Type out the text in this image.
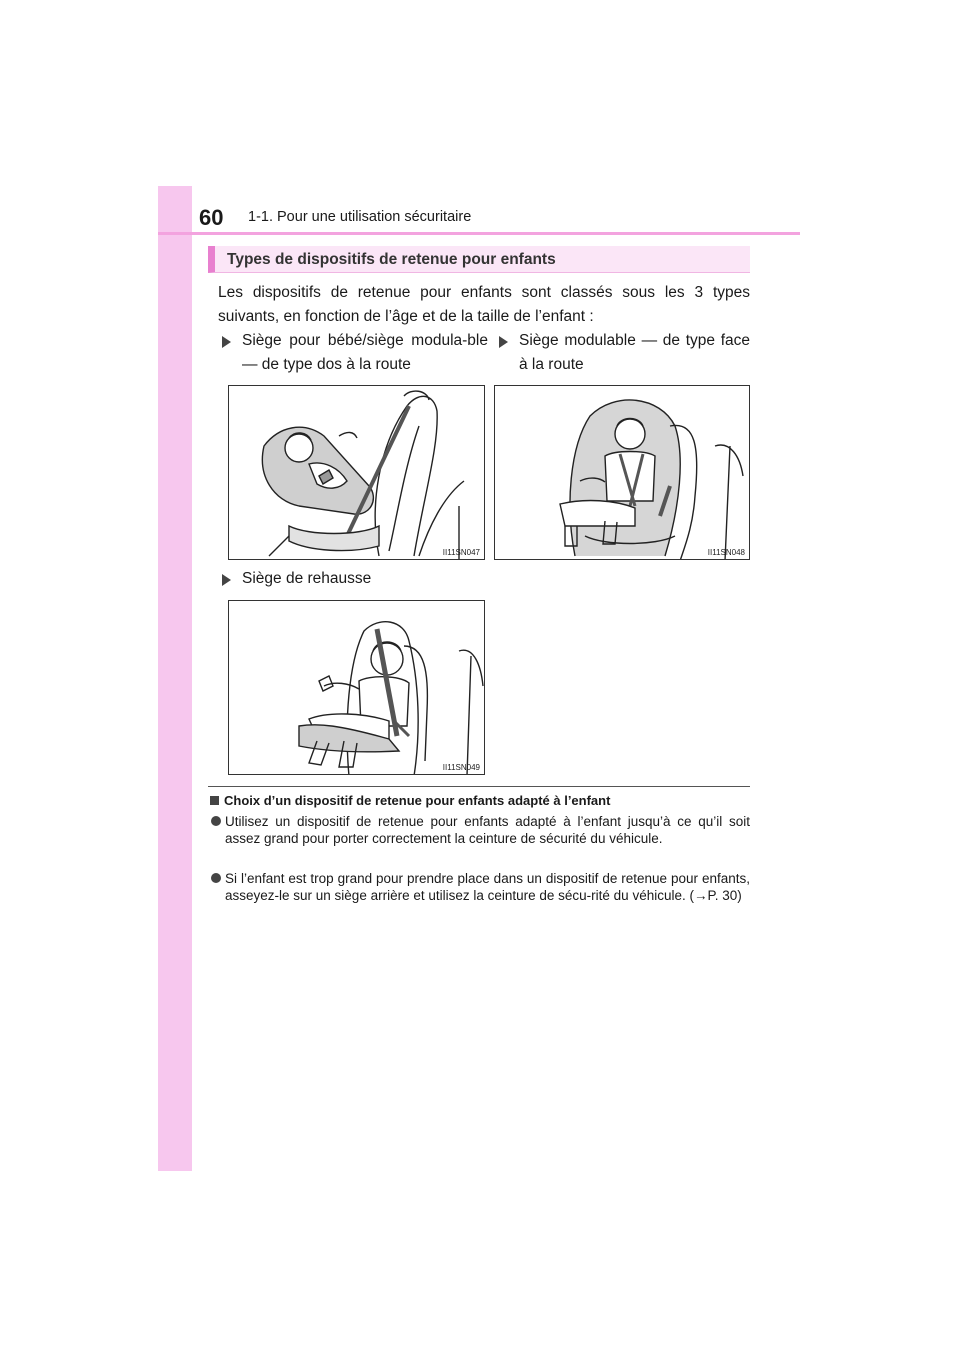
60 1-1. Pour une utilisation sécuritaire
Types de dispositifs de retenue pour enfants
Les dispositifs de retenue pour enfants sont classés sous les 3 types suivants, en fonction de l’âge et de la taille de l’enfant :
Siège pour bébé/siège modula-ble — de type dos à la route
Siège modulable — de type face à la route
II11SN047	II11SN048
Siège de rehausse
II11SN049
Choix d’un dispositif de retenue pour enfants adapté à l’enfant
Utilisez un dispositif de retenue pour enfants adapté à l’enfant jusqu’à ce qu’il soit assez grand pour porter correctement la ceinture de sécurité du véhicule.
Si l’enfant est trop grand pour prendre place dans un dispositif de retenue pour enfants, asseyez-le sur un siège arrière et utilisez la ceinture de sécu-rité du véhicule. (→P. 30)
